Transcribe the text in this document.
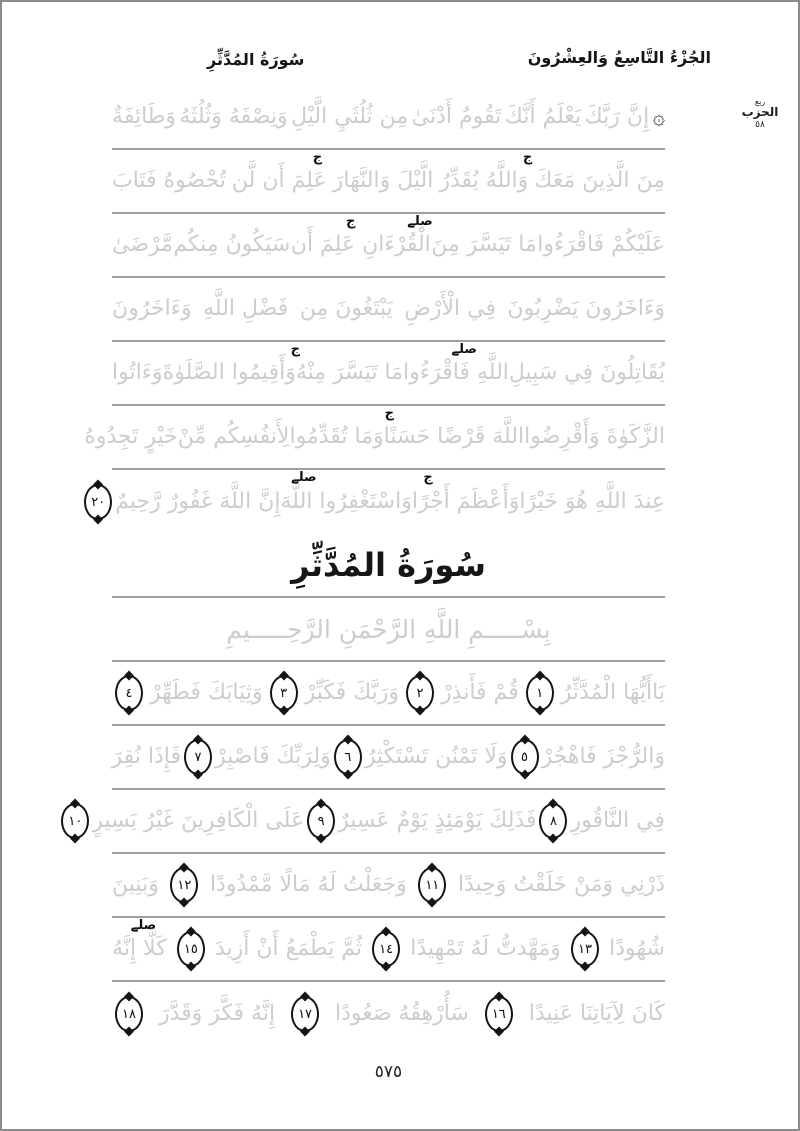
الجُزْءُ التَّاسِعُ وَالعِشْرُونَ
سُورَةُ المُدَّثِّرِ
ربع
الحزب
٥٨
۞
إِنَّ رَبَّكَ
يَعْلَمُ أَنَّكَ
تَقُومُ أَدْنَىٰ
مِن ثُلُثَيِ الَّيْلِ
وَنِصْفَهُ وَثُلُثَهُ
وَطَائِفَةٌ
ج
ج
مِنَ الَّذِينَ مَعَكَ
وَاللَّهُ يُقَدِّرُ
الَّيْلَ وَالنَّهَارَ
عَلِمَ أَن لَّن
تُحْصُوهُ فَتَابَ
صلے
ج
عَلَيْكُمْ فَاقْرَءُوا
مَا تَيَسَّرَ مِنَ
الْقُرْءَانِ عَلِمَ أَن
سَيَكُونُ مِنكُم
مَّرْضَىٰ
وَءَاخَرُونَ يَضْرِبُونَ
فِي الْأَرْضِ
يَبْتَغُونَ مِن
فَضْلِ اللَّهِ
وَءَاخَرُونَ
صلے
ج
يُقَاتِلُونَ فِي سَبِيلِ
اللَّهِ فَاقْرَءُوا
مَا تَيَسَّرَ مِنْهُ
وَأَقِيمُوا الصَّلَوٰةَ
وَءَاتُوا
ج
الزَّكَوٰةَ وَأَقْرِضُوا
اللَّهَ قَرْضًا حَسَنًا
وَمَا تُقَدِّمُوا
لِأَنفُسِكُم مِّنْ
خَيْرٍ تَجِدُوهُ
ج
صلے
عِندَ اللَّهِ هُوَ خَيْرًا
وَأَعْظَمَ أَجْرًا
وَاسْتَغْفِرُوا اللَّهَ
إِنَّ اللَّهَ غَفُورٌ رَّحِيمٌ
٢٠
سُورَةُ المُدَّثِّرِ
بِسْـــــمِ اللَّهِ الرَّحْمَنِ الرَّحِـــــيمِ
يَاأَيُّهَا الْمُدَّثِّرُ
١
قُمْ فَأَنذِرْ
٢
وَرَبَّكَ فَكَبِّرْ
٣
وَثِيَابَكَ فَطَهِّرْ
٤
وَالرُّجْزَ فَاهْجُرْ
٥
وَلَا تَمْنُن تَسْتَكْثِرُ
٦
وَلِرَبِّكَ فَاصْبِرْ
٧
فَإِذَا نُقِرَ
فِي النَّاقُورِ
٨
فَذَلِكَ يَوْمَئِذٍ يَوْمٌ عَسِيرٌ
٩
عَلَى الْكَافِرِينَ غَيْرُ يَسِيرٍ
١٠
ذَرْنِي وَمَنْ خَلَقْتُ وَحِيدًا
١١
وَجَعَلْتُ لَهُ مَالًا مَّمْدُودًا
١٢
وَبَنِينَ
صلے
شُهُودًا
١٣
وَمَهَّدتُّ لَهُ تَمْهِيدًا
١٤
ثُمَّ يَطْمَعُ أَنْ أَزِيدَ
١٥
كَلَّا إِنَّهُ
كَانَ لِآيَاتِنَا عَنِيدًا
١٦
سَأُرْهِقُهُ صَعُودًا
١٧
إِنَّهُ فَكَّرَ وَقَدَّرَ
١٨
٥٧٥
